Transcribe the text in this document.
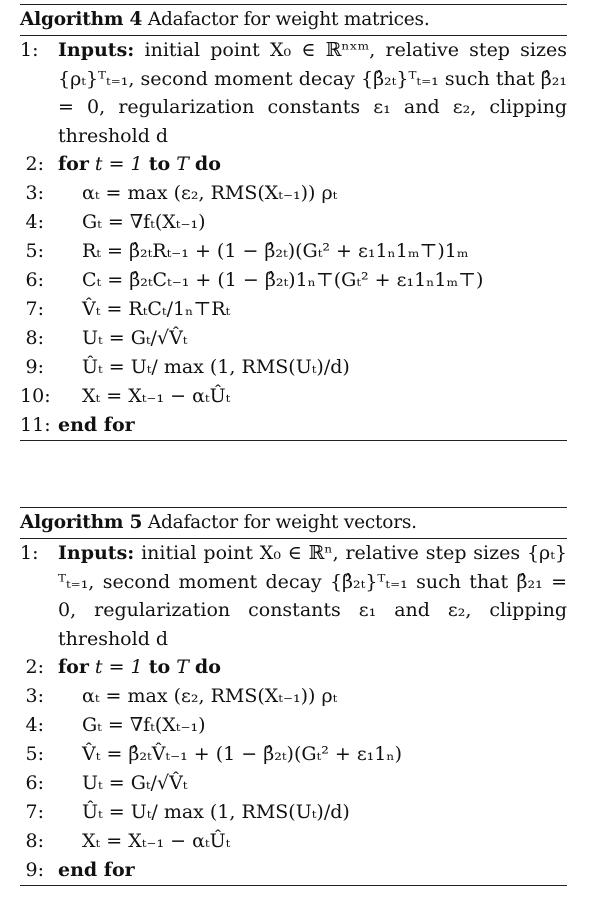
Algorithm 4 Adafactor for weight matrices.
1 :	Inputs: initial point X₀ ∈ ℝⁿˣᵐ, relative step sizes {ρₜ}ᵀₜ₌₁, second moment decay {β̂₂ₜ}ᵀₜ₌₁ such that β̂₂₁ = 0, regularization constants ε₁ and ε₂, clipping threshold d
2 :	for t = 1 to T do
3 :	αₜ = max (ε₂, RMS(Xₜ₋₁)) ρₜ
4 :	Gₜ = ∇fₜ(Xₜ₋₁)
5 :	Rₜ = β̂₂ₜRₜ₋₁ + (1 − β̂₂ₜ)(Gₜ² + ε₁1ₙ1ₘ⊤)1ₘ
6 :	Cₜ = β̂₂ₜCₜ₋₁ + (1 − β̂₂ₜ)1ₙ⊤(Gₜ² + ε₁1ₙ1ₘ⊤)
7 :	V̂ₜ = RₜCₜ/1ₙ⊤Rₜ
8 :	Uₜ = Gₜ/√V̂ₜ
9 :	Ûₜ = Uₜ/ max (1, RMS(Uₜ)/d)
10 : Xₜ = Xₜ₋₁ − αₜÛₜ
11 : end for
Algorithm 5 Adafactor for weight vectors.
1 :	Inputs: initial point X₀ ∈ ℝⁿ, relative step sizes {ρₜ}ᵀₜ₌₁, second moment decay {β̂₂ₜ}ᵀₜ₌₁ such that β̂₂₁ = 0, regularization constants ε₁ and ε₂, clipping threshold d
2 :	for t = 1 to T do
3 :	αₜ = max (ε₂, RMS(Xₜ₋₁)) ρₜ
4 :	Gₜ = ∇fₜ(Xₜ₋₁)
5 :	V̂ₜ = β̂₂ₜV̂ₜ₋₁ + (1 − β̂₂ₜ)(Gₜ² + ε₁1ₙ)
6 :	Uₜ = Gₜ/√V̂ₜ
7 :	Ûₜ = Uₜ/ max (1, RMS(Uₜ)/d)
8 :	Xₜ = Xₜ₋₁ − αₜÛₜ
9 :	end for
